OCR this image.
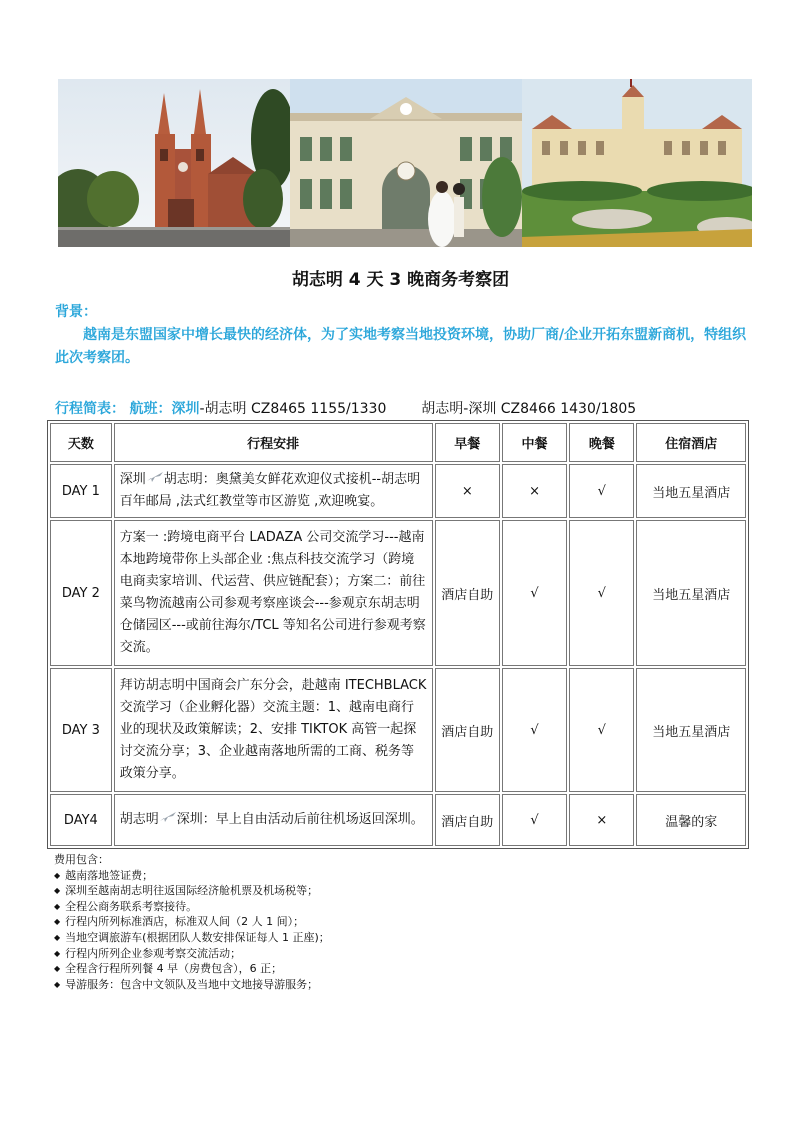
胡志明 4 天 3 晚商务考察团
背景：

越南是东盟国家中增长最快的经济体，为了实地考察当地投资环境，协助厂商/企业开拓东盟新商机，特组织此次考察团。

行程简表： 航班：深圳-胡志明 CZ8465 1155/1330 胡志明-深圳 CZ8466 1430/1805
天数	行程安排	早餐	中餐	晚餐	住宿酒店
DAY 1	深圳 胡志明：奥黛美女鲜花欢迎仪式接机--胡志明百年邮局 ,法式红教堂等市区游览 ,欢迎晚宴。	×	×	√	当地五星酒店
DAY 2	方案一 :跨境电商平台 LADAZA 公司交流学习---越南本地跨境带你上头部企业 :焦点科技交流学习（跨境电商卖家培训、代运营、供应链配套）；方案二：前往菜鸟物流越南公司参观考察座谈会---参观京东胡志明仓储园区---或前往海尔/TCL 等知名公司进行参观考察交流。	酒店自助	√	√	当地五星酒店
DAY 3	拜访胡志明中国商会广东分会，赴越南 ITECHBLACK 交流学习（企业孵化器）交流主题：1、越南电商行业的现状及政策解读；2、安排 TIKTOK 高管一起探讨交流分享；3、企业越南落地所需的工商、税务等政策分享。	酒店自助	√	√	当地五星酒店
DAY4	胡志明 深圳：早上自由活动后前往机场返回深圳。	酒店自助	√	×	温馨的家
费用包含：
◆ 越南落地签证费；
◆ 深圳至越南胡志明往返国际经济舱机票及机场税等；
◆ 全程公商务联系考察接待。
◆ 行程内所列标准酒店，标准双人间（2 人 1 间）；
◆ 当地空调旅游车(根据团队人数安排保证每人 1 正座)；
◆ 行程内所列企业参观考察交流活动；
◆ 全程含行程所列餐 4 早（房费包含），6 正；
◆ 导游服务：包含中文领队及当地中文地接导游服务；
